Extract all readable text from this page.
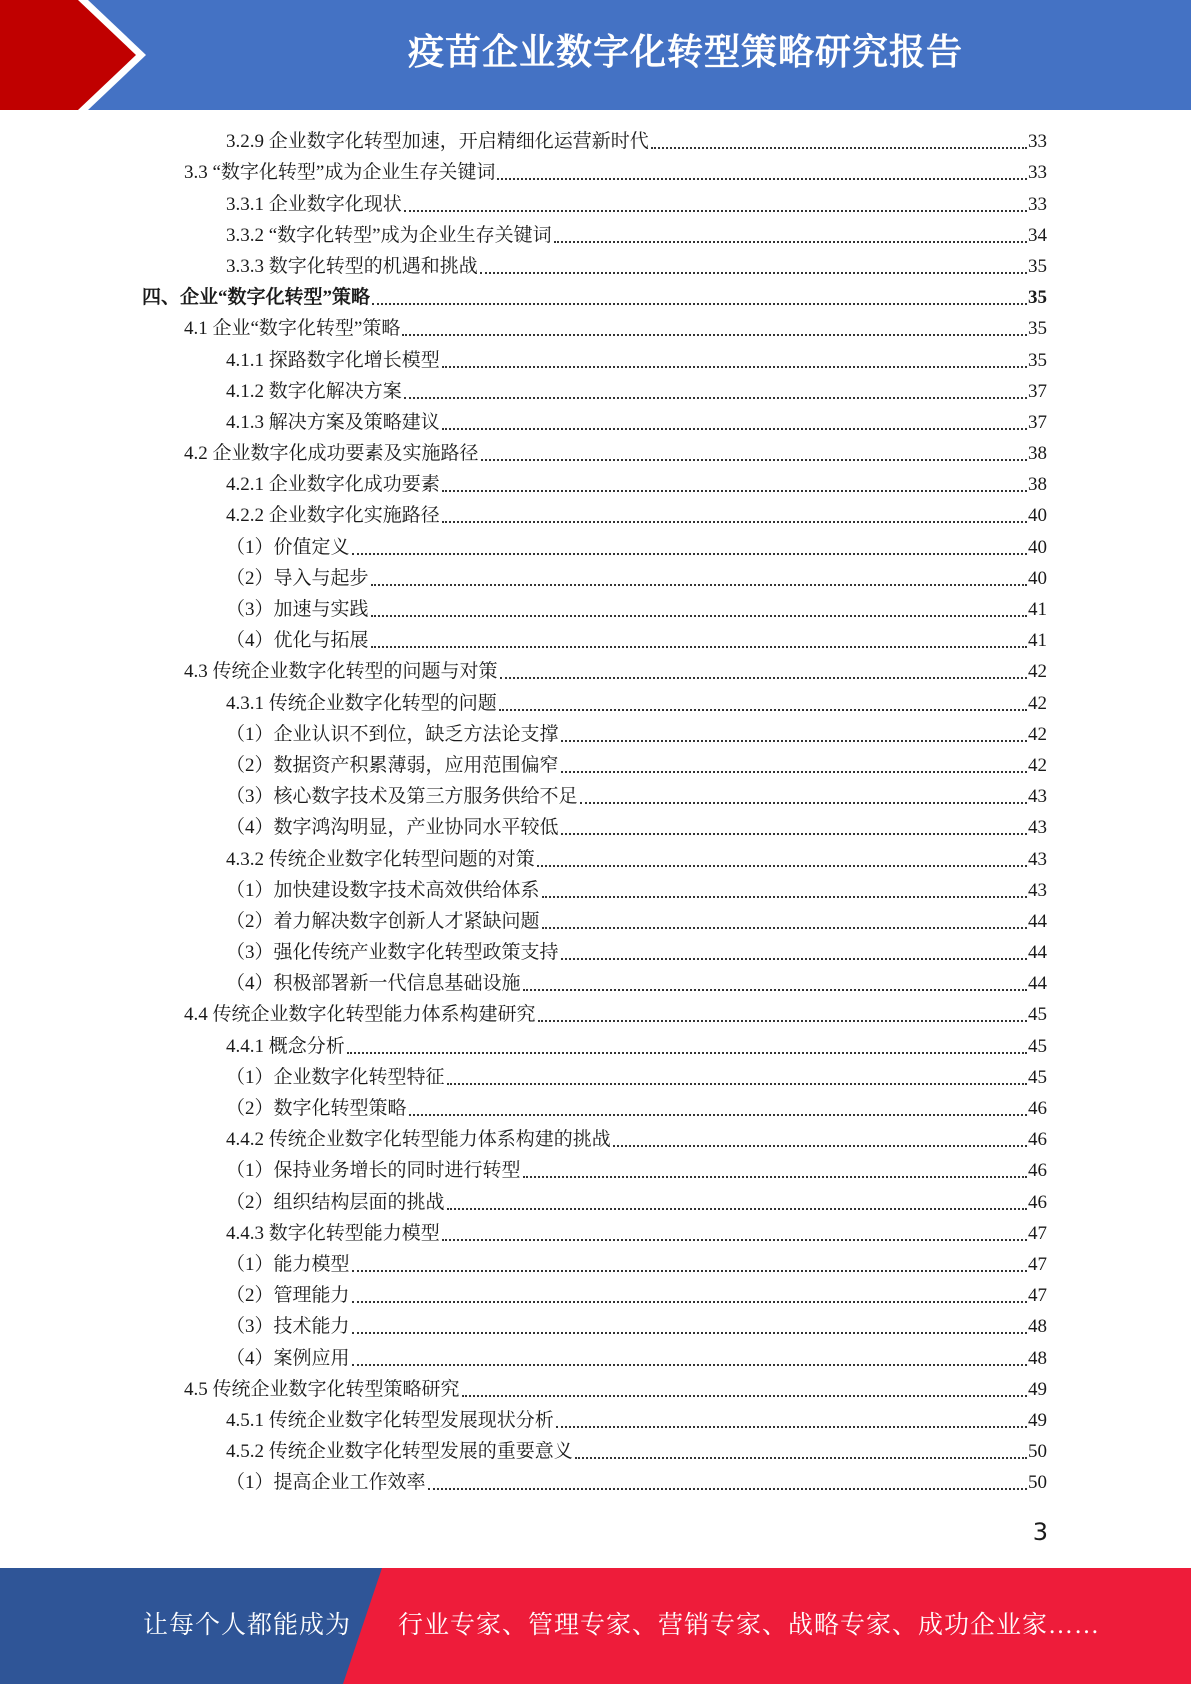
疫苗企业数字化转型策略研究报告
3.2.9 企业数字化转型加速，开启精细化运营新时代	33
3.3 “数字化转型”成为企业生存关键词	33
3.3.1 企业数字化现状	33
3.3.2 “数字化转型”成为企业生存关键词	34
3.3.3 数字化转型的机遇和挑战	35
四、企业“数字化转型”策略	35
4.1 企业“数字化转型”策略	35
4.1.1 探路数字化增长模型	35
4.1.2 数字化解决方案	37
4.1.3 解决方案及策略建议	37
4.2 企业数字化成功要素及实施路径	38
4.2.1 企业数字化成功要素	38
4.2.2 企业数字化实施路径	40
（1）价值定义	40
（2）导入与起步	40
（3）加速与实践	41
（4）优化与拓展	41
4.3 传统企业数字化转型的问题与对策	42
4.3.1 传统企业数字化转型的问题	42
（1）企业认识不到位，缺乏方法论支撑	42
（2）数据资产积累薄弱，应用范围偏窄	42
（3）核心数字技术及第三方服务供给不足	43
（4）数字鸿沟明显，产业协同水平较低	43
4.3.2 传统企业数字化转型问题的对策	43
（1）加快建设数字技术高效供给体系	43
（2）着力解决数字创新人才紧缺问题	44
（3）强化传统产业数字化转型政策支持	44
（4）积极部署新一代信息基础设施	44
4.4 传统企业数字化转型能力体系构建研究	45
4.4.1 概念分析	45
（1）企业数字化转型特征	45
（2）数字化转型策略	46
4.4.2 传统企业数字化转型能力体系构建的挑战	46
（1）保持业务增长的同时进行转型	46
（2）组织结构层面的挑战	46
4.4.3 数字化转型能力模型	47
（1）能力模型	47
（2）管理能力	47
（3）技术能力	48
（4）案例应用	48
4.5 传统企业数字化转型策略研究	49
4.5.1 传统企业数字化转型发展现状分析	49
4.5.2 传统企业数字化转型发展的重要意义	50
（1）提高企业工作效率	50
3
让每个人都能成为 行业专家、管理专家、营销专家、战略专家、成功企业家……
